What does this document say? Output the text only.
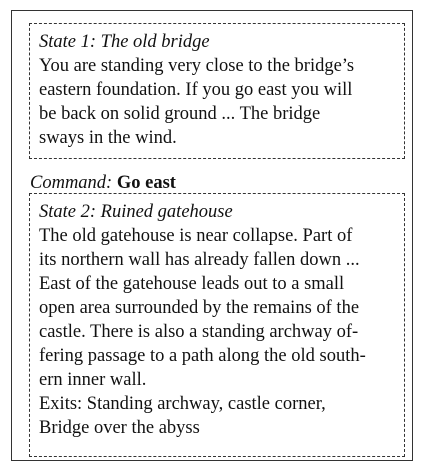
State 1: The old bridge
You are standing very close to the bridge’s
eastern foundation. If you go east you will
be back on solid ground ... The bridge
sways in the wind.
Command: Go east
State 2: Ruined gatehouse
The old gatehouse is near collapse. Part of
its northern wall has already fallen down ...
East of the gatehouse leads out to a small
open area surrounded by the remains of the
castle. There is also a standing archway of-
fering passage to a path along the old south-
ern inner wall.
Exits: Standing archway, castle corner,
Bridge over the abyss
